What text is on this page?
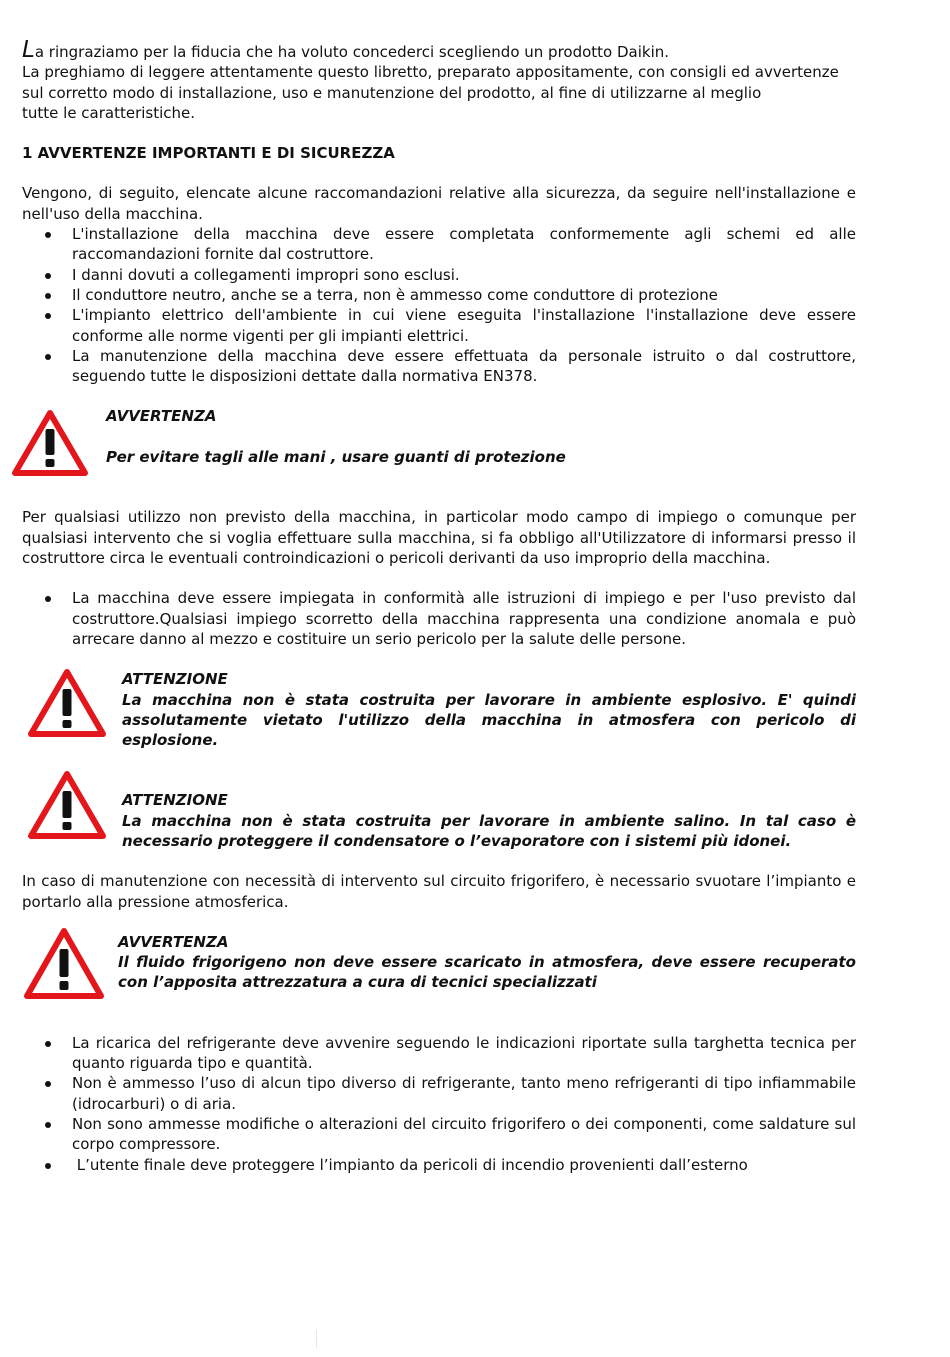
La ringraziamo per la fiducia che ha voluto concederci scegliendo un prodotto Daikin.

La preghiamo di leggere attentamente questo libretto, preparato appositamente, con consigli ed avvertenze

sul corretto modo di installazione, uso e manutenzione del prodotto, al fine di utilizzarne al meglio

tutte le caratteristiche.

1 AVVERTENZE IMPORTANTI E DI SICUREZZA

Vengono, di seguito, elencate alcune raccomandazioni relative alla sicurezza, da seguire nell'installazione e nell'uso della macchina.

L'installazione della macchina deve essere completata conformemente agli schemi ed alle raccomandazioni fornite dal costruttore.
I danni dovuti a collegamenti impropri sono esclusi.
Il conduttore neutro, anche se a terra, non è ammesso come conduttore di protezione
L'impianto elettrico dell'ambiente in cui viene eseguita l'installazione l'installazione deve essere conforme alle norme vigenti per gli impianti elettrici.
La manutenzione della macchina deve essere effettuata da personale istruito o dal costruttore, seguendo tutte le disposizioni dettate dalla normativa EN378.

AVVERTENZA

Per evitare tagli alle mani , usare guanti di protezione

Per qualsiasi utilizzo non previsto della macchina, in particolar modo campo di impiego o comunque per qualsiasi intervento che si voglia effettuare sulla macchina, si fa obbligo all'Utilizzatore di informarsi presso il costruttore circa le eventuali controindicazioni o pericoli derivanti da uso improprio della macchina.

La macchina deve essere impiegata in conformità alle istruzioni di impiego e per l'uso previsto dal costruttore.Qualsiasi impiego scorretto della macchina rappresenta una condizione anomala e può arrecare danno al mezzo e costituire un serio pericolo per la salute delle persone.

ATTENZIONE

La macchina non è stata costruita per lavorare in ambiente esplosivo. E' quindi assolutamente vietato l'utilizzo della macchina in atmosfera con pericolo di esplosione.

ATTENZIONE

La macchina non è stata costruita per lavorare in ambiente salino. In tal caso è necessario proteggere il condensatore o l’evaporatore con i sistemi più idonei.

In caso di manutenzione con necessità di intervento sul circuito frigorifero, è necessario svuotare l’impianto e portarlo alla pressione atmosferica.

AVVERTENZA

Il fluido frigorigeno non deve essere scaricato in atmosfera, deve essere recuperato con l’apposita attrezzatura a cura di tecnici specializzati

La ricarica del refrigerante deve avvenire seguendo le indicazioni riportate sulla targhetta tecnica per quanto riguarda tipo e quantità.
Non è ammesso l’uso di alcun tipo diverso di refrigerante, tanto meno refrigeranti di tipo infiammabile (idrocarburi) o di aria.
Non sono ammesse modifiche o alterazioni del circuito frigorifero o dei componenti, come saldature sul corpo compressore.
L’utente finale deve proteggere l’impianto da pericoli di incendio provenienti dall’esterno
